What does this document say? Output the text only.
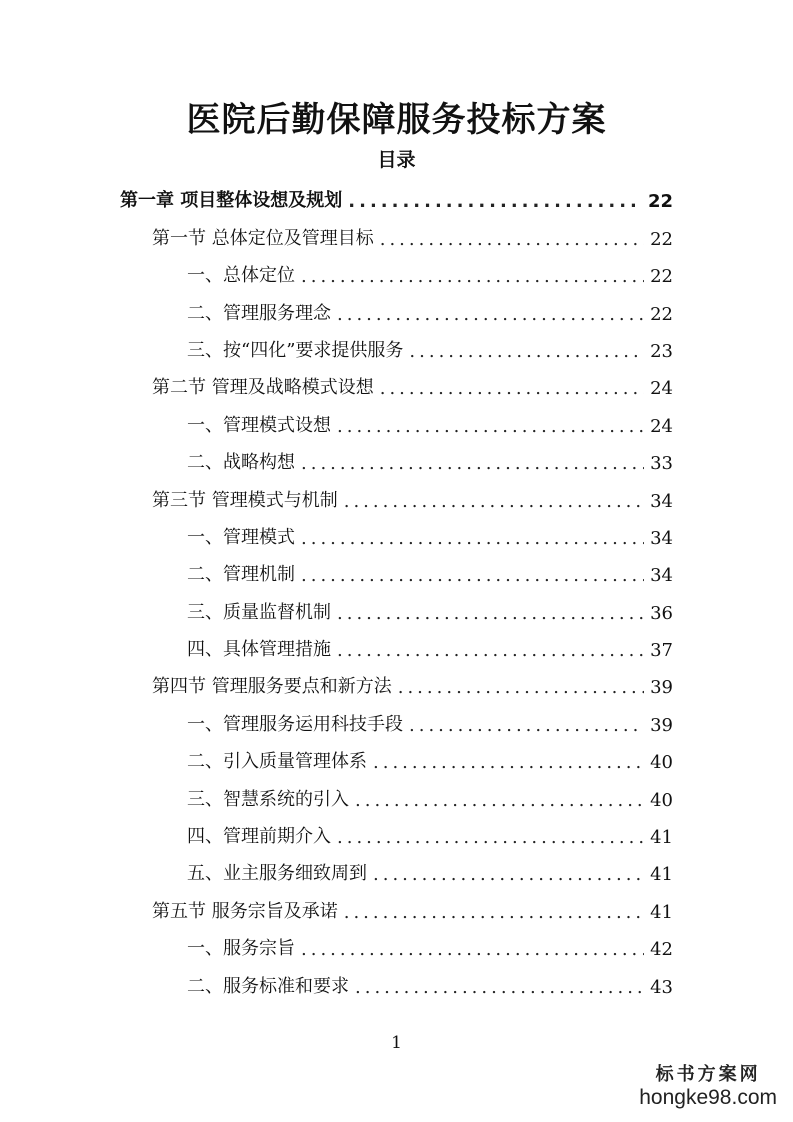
医院后勤保障服务投标方案
目录
第一章 项目整体设想及规划 .....	22
第一节 总体定位及管理目标 .....	22
一、总体定位 .....	22
二、管理服务理念 .....	22
三、按“四化”要求提供服务 .....	23
第二节 管理及战略模式设想 .....	24
一、管理模式设想 .....	24
二、战略构想 .....	33
第三节 管理模式与机制 .....	34
一、管理模式 .....	34
二、管理机制 .....	34
三、质量监督机制 .....	36
四、具体管理措施 .....	37
第四节 管理服务要点和新方法 .....	39
一、管理服务运用科技手段 .....	39
二、引入质量管理体系 .....	40
三、智慧系统的引入 .....	40
四、管理前期介入 .....	41
五、业主服务细致周到 .....	41
第五节 服务宗旨及承诺 .....	41
一、服务宗旨 .....	42
二、服务标准和要求 .....	43
1
标书方案网
hongke98.com
